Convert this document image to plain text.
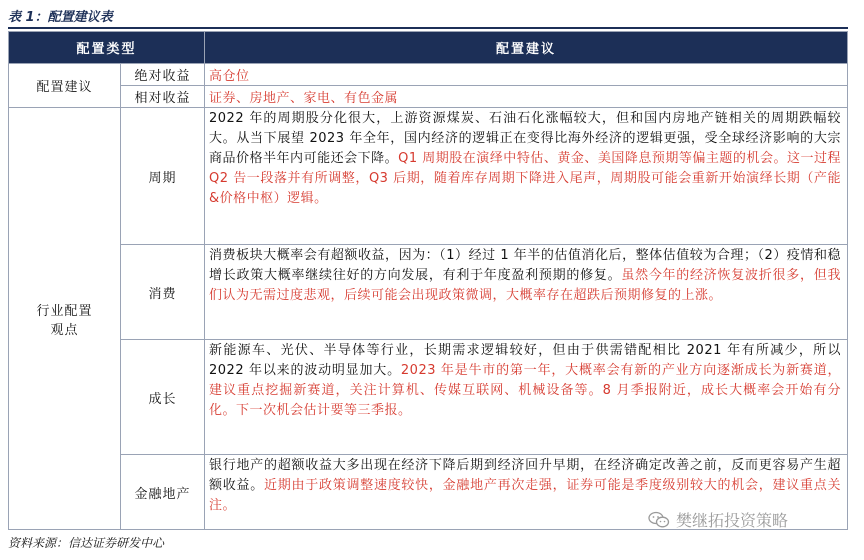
表 1：配置建议表
配置类型		配置建议
配置建议	绝对收益	高仓位
	相对收益	证券、房地产、家电、有色金属
行业配置
观点	周期	2022 年的周期股分化很大，上游资源煤炭、石油石化涨幅较大，但和国内房地产链相关的周期跌幅较大。从当下展望 2023 年全年，国内经济的逻辑正在变得比海外经济的逻辑更强，受全球经济影响的大宗商品价格半年内可能还会下降。Q1 周期股在演绎中特估、黄金、美国降息预期等偏主题的机会。这一过程 Q2 告一段落并有所调整，Q3 后期，随着库存周期下降进入尾声，周期股可能会重新开始演绎长期（产能&价格中枢）逻辑。
	消费	消费板块大概率会有超额收益，因为：（1）经过 1 年半的估值消化后，整体估值较为合理；（2）疫情和稳增长政策大概率继续往好的方向发展，有利于年度盈利预期的修复。虽然今年的经济恢复波折很多，但我们认为无需过度悲观，后续可能会出现政策微调，大概率存在超跌后预期修复的上涨。
	成长	新能源车、光伏、半导体等行业，长期需求逻辑较好，但由于供需错配相比 2021 年有所减少，所以 2022 年以来的波动明显加大。2023 年是牛市的第一年，大概率会有新的产业方向逐渐成长为新赛道，建议重点挖掘新赛道，关注计算机、传媒互联网、机械设备等。8 月季报附近，成长大概率会开始有分化。下一次机会估计要等三季报。
	金融地产	银行地产的超额收益大多出现在经济下降后期到经济回升早期，在经济确定改善之前，反而更容易产生超额收益。近期由于政策调整速度较快，金融地产再次走强，证券可能是季度级别较大的机会，建议重点关注。
樊继拓投资策略
资料来源：信达证券研发中心
